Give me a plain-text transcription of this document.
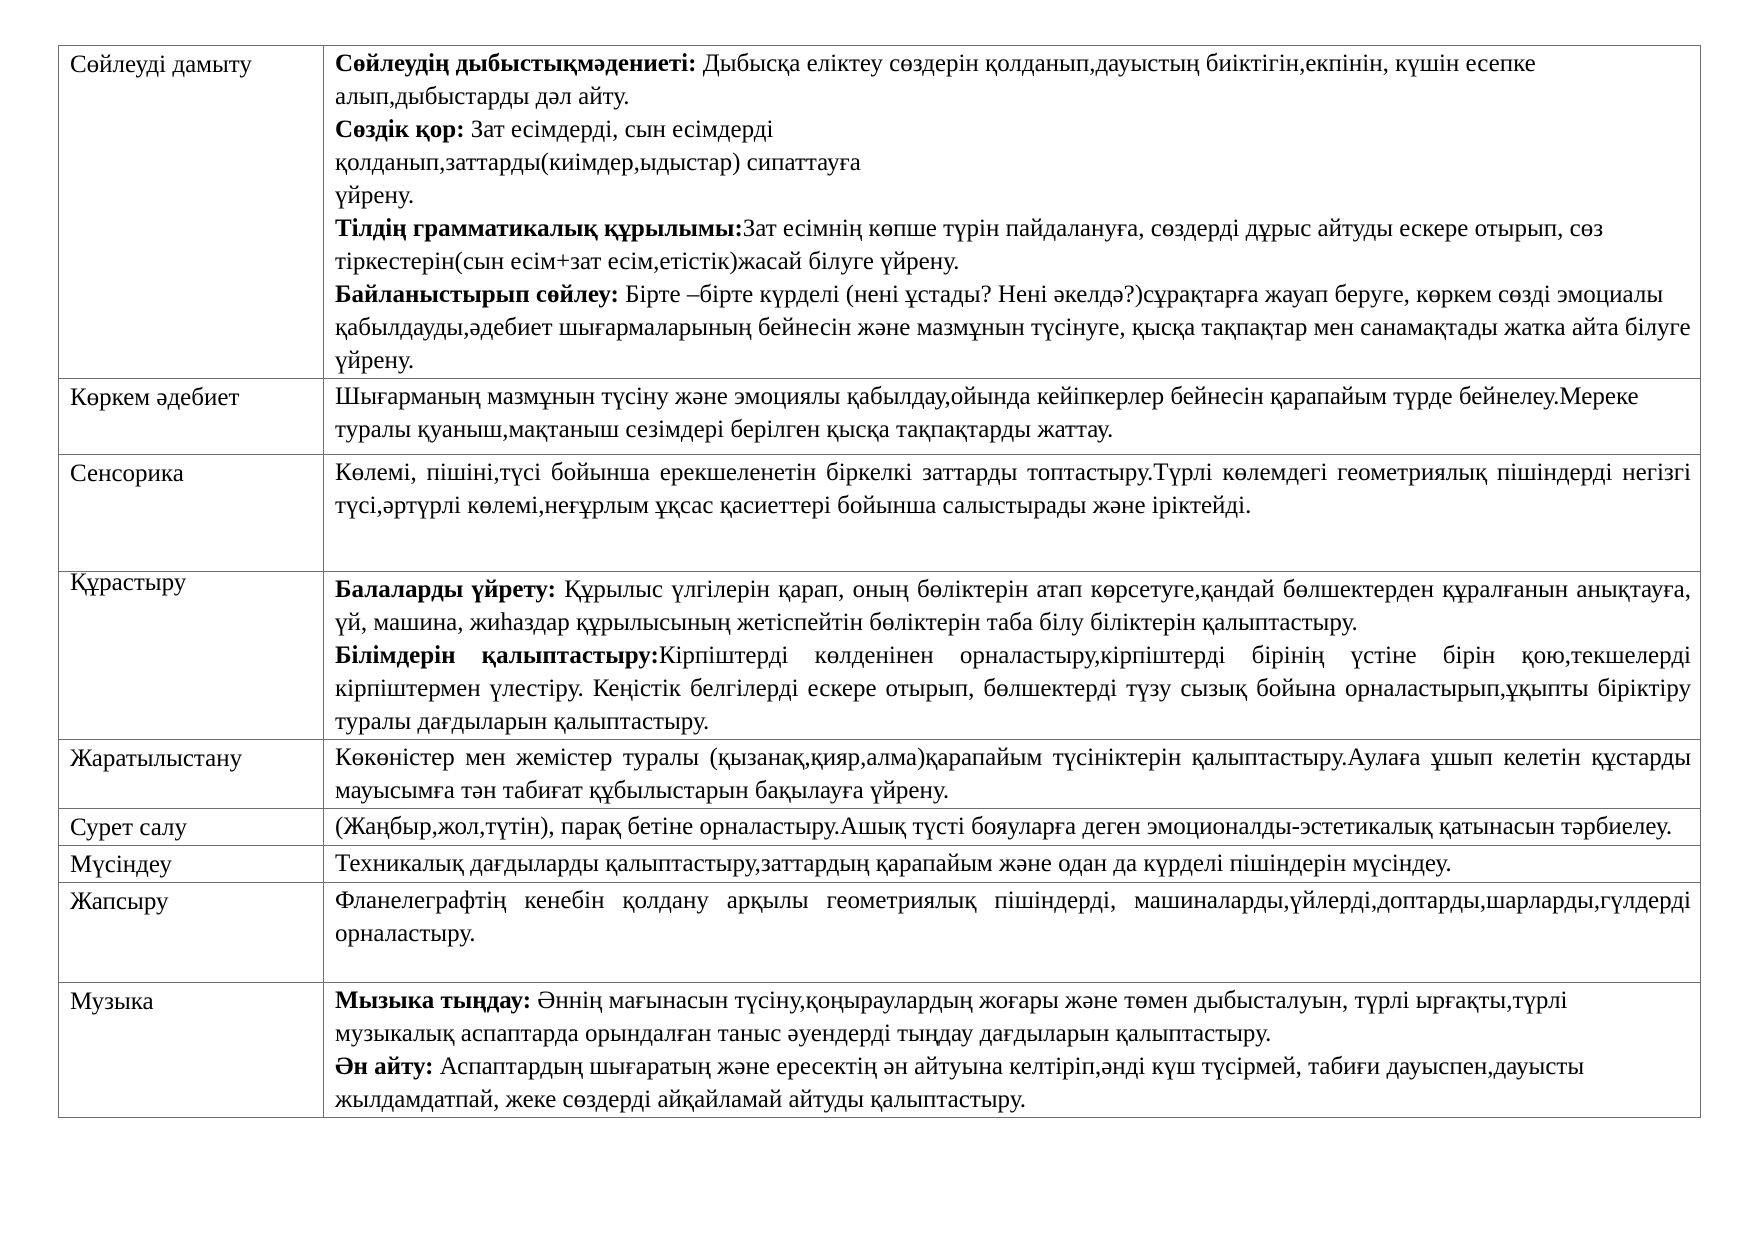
Сөйлеуді дамыту	Сөйлеудің дыбыстықмәдениеті: Дыбысқа еліктеу сөздерін қолданып,дауыстың биіктігін,екпінін, күшін есепке алып,дыбыстарды дәл айту.
Сөздік қор: Зат есімдерді, сын есімдерді қолданып,заттарды(киімдер,ыдыстар) сипаттауға үйрену.
Тілдің грамматикалық құрылымы:Зат есімнің көпше түрін пайдалануға, сөздерді дұрыс айтуды ескере отырып, сөз тіркестерін(сын есім+зат есім,етістік)жасай білуге үйрену.
Байланыстырып сөйлеу: Бірте –бірте күрделі (нені ұстады? Нені әкелдә?)сұрақтарға жауап беруге, көркем сөзді эмоциалы қабылдауды,әдебиет шығармаларының бейнесін және мазмұнын түсінуге, қысқа тақпақтар мен санамақтады жатка айта білуге үйрену.

Көркем әдебиет	Шығарманың мазмұнын түсіну және эмоциялы қабылдау,ойында кейіпкерлер бейнесін қарапайым түрде бейнелеу.Мереке туралы қуаныш,мақтаныш сезімдері берілген қысқа тақпақтарды жаттау.

Сенсорика	Көлемі, пішіні,түсі бойынша ерекшеленетін біркелкі заттарды топтастыру.Түрлі көлемдегі геометриялық пішіндерді негізгі түсі,әртүрлі көлемі,неғұрлым ұқсас қасиеттері бойынша салыстырады және іріктейді.

Құрастыру	Балаларды үйрету: Құрылыс үлгілерін қарап, оның бөліктерін атап көрсетуге,қандай бөлшектерден құралғанын анықтауға, үй, машина, жиһаздар құрылысының жетіспейтін бөліктерін таба білу біліктерін қалыптастыру.
Білімдерін қалыптастыру:Кірпіштерді көлденінен орналастыру,кірпіштерді бірінің үстіне бірін қою,текшелерді кірпіштермен үлестіру. Кеңістік белгілерді ескере отырып, бөлшектерді түзу сызық бойына орналастырып,ұқыпты біріктіру туралы дағдыларын қалыптастыру.

Жаратылыстану	Көкөністер мен жемістер туралы (қызанақ,қияр,алма)қарапайым түсініктерін қалыптастыру.Аулаға ұшып келетін құстарды мауысымға тән табиғат құбылыстарын бақылауға үйрену.

Сурет салу	(Жаңбыр,жол,түтін), парақ бетіне орналастыру.Ашық түсті бояуларға деген эмоционалды-эстетикалық қатынасын тәрбиелеу.

Мүсіндеу	Техникалық дағдыларды қалыптастыру,заттардың қарапайым және одан да күрделі пішіндерін мүсіндеу.

Жапсыру	Фланелеграфтің кенебін қолдану арқылы геометриялық пішіндерді, машиналарды,үйлерді,доптарды,шарларды,гүлдерді орналастыру.

Музыка	Мызыка тыңдау: Әннің мағынасын түсіну,қоңыраулардың жоғары және төмен дыбысталуын, түрлі ырғақты,түрлі музыкалық аспаптарда орындалған таныс әуендерді тыңдау дағдыларын қалыптастыру.
Ән айту: Аспаптардың шығаратың және ересектің ән айтуына келтіріп,әнді күш түсірмей, табиғи дауыспен,дауысты жылдамдатпай, жеке сөздерді айқайламай айтуды қалыптастыру.
